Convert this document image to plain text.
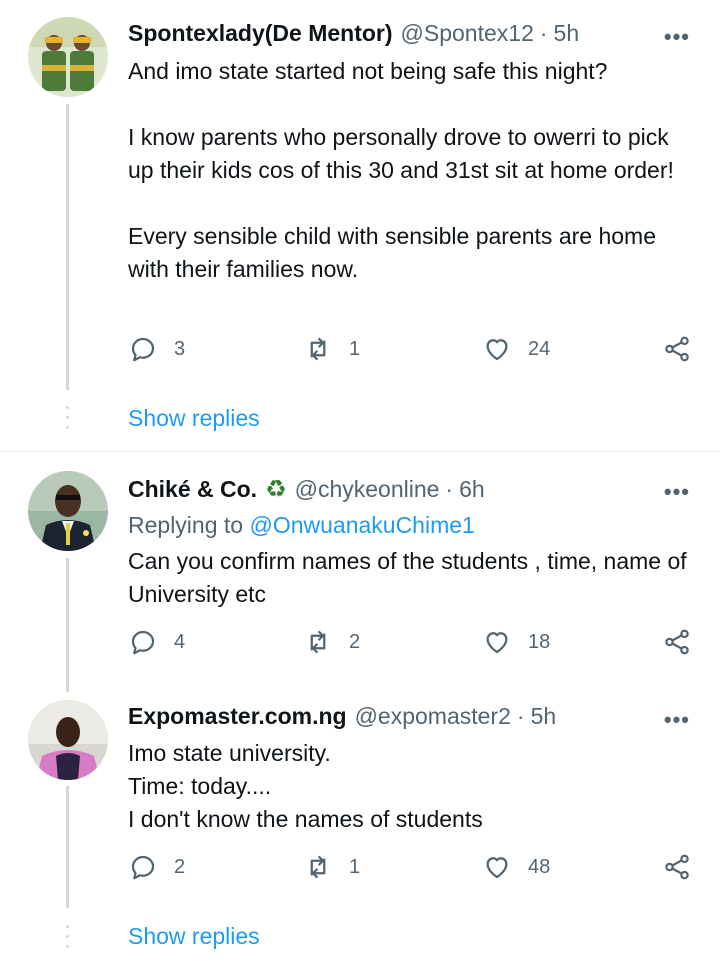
Spontexlady(De Mentor) @Spontex12 · 5h	•••

And imo state started not being safe this night?

I know parents who personally drove to owerri to pick up their kids cos of this 30 and 31st sit at home order!

Every sensible child with sensible parents are home with their families now.

3	1	24
Show replies
Chiké & Co. ♻ @chykeonline · 6h	•••
Replying to @OnwuanakuChime1

Can you confirm names of the students , time, name of University etc

4	2	18
Expomaster.com.ng @expomaster2 · 5h	•••

Imo state university.

Time: today....

I don't know the names of students

2	1	48
Show replies
